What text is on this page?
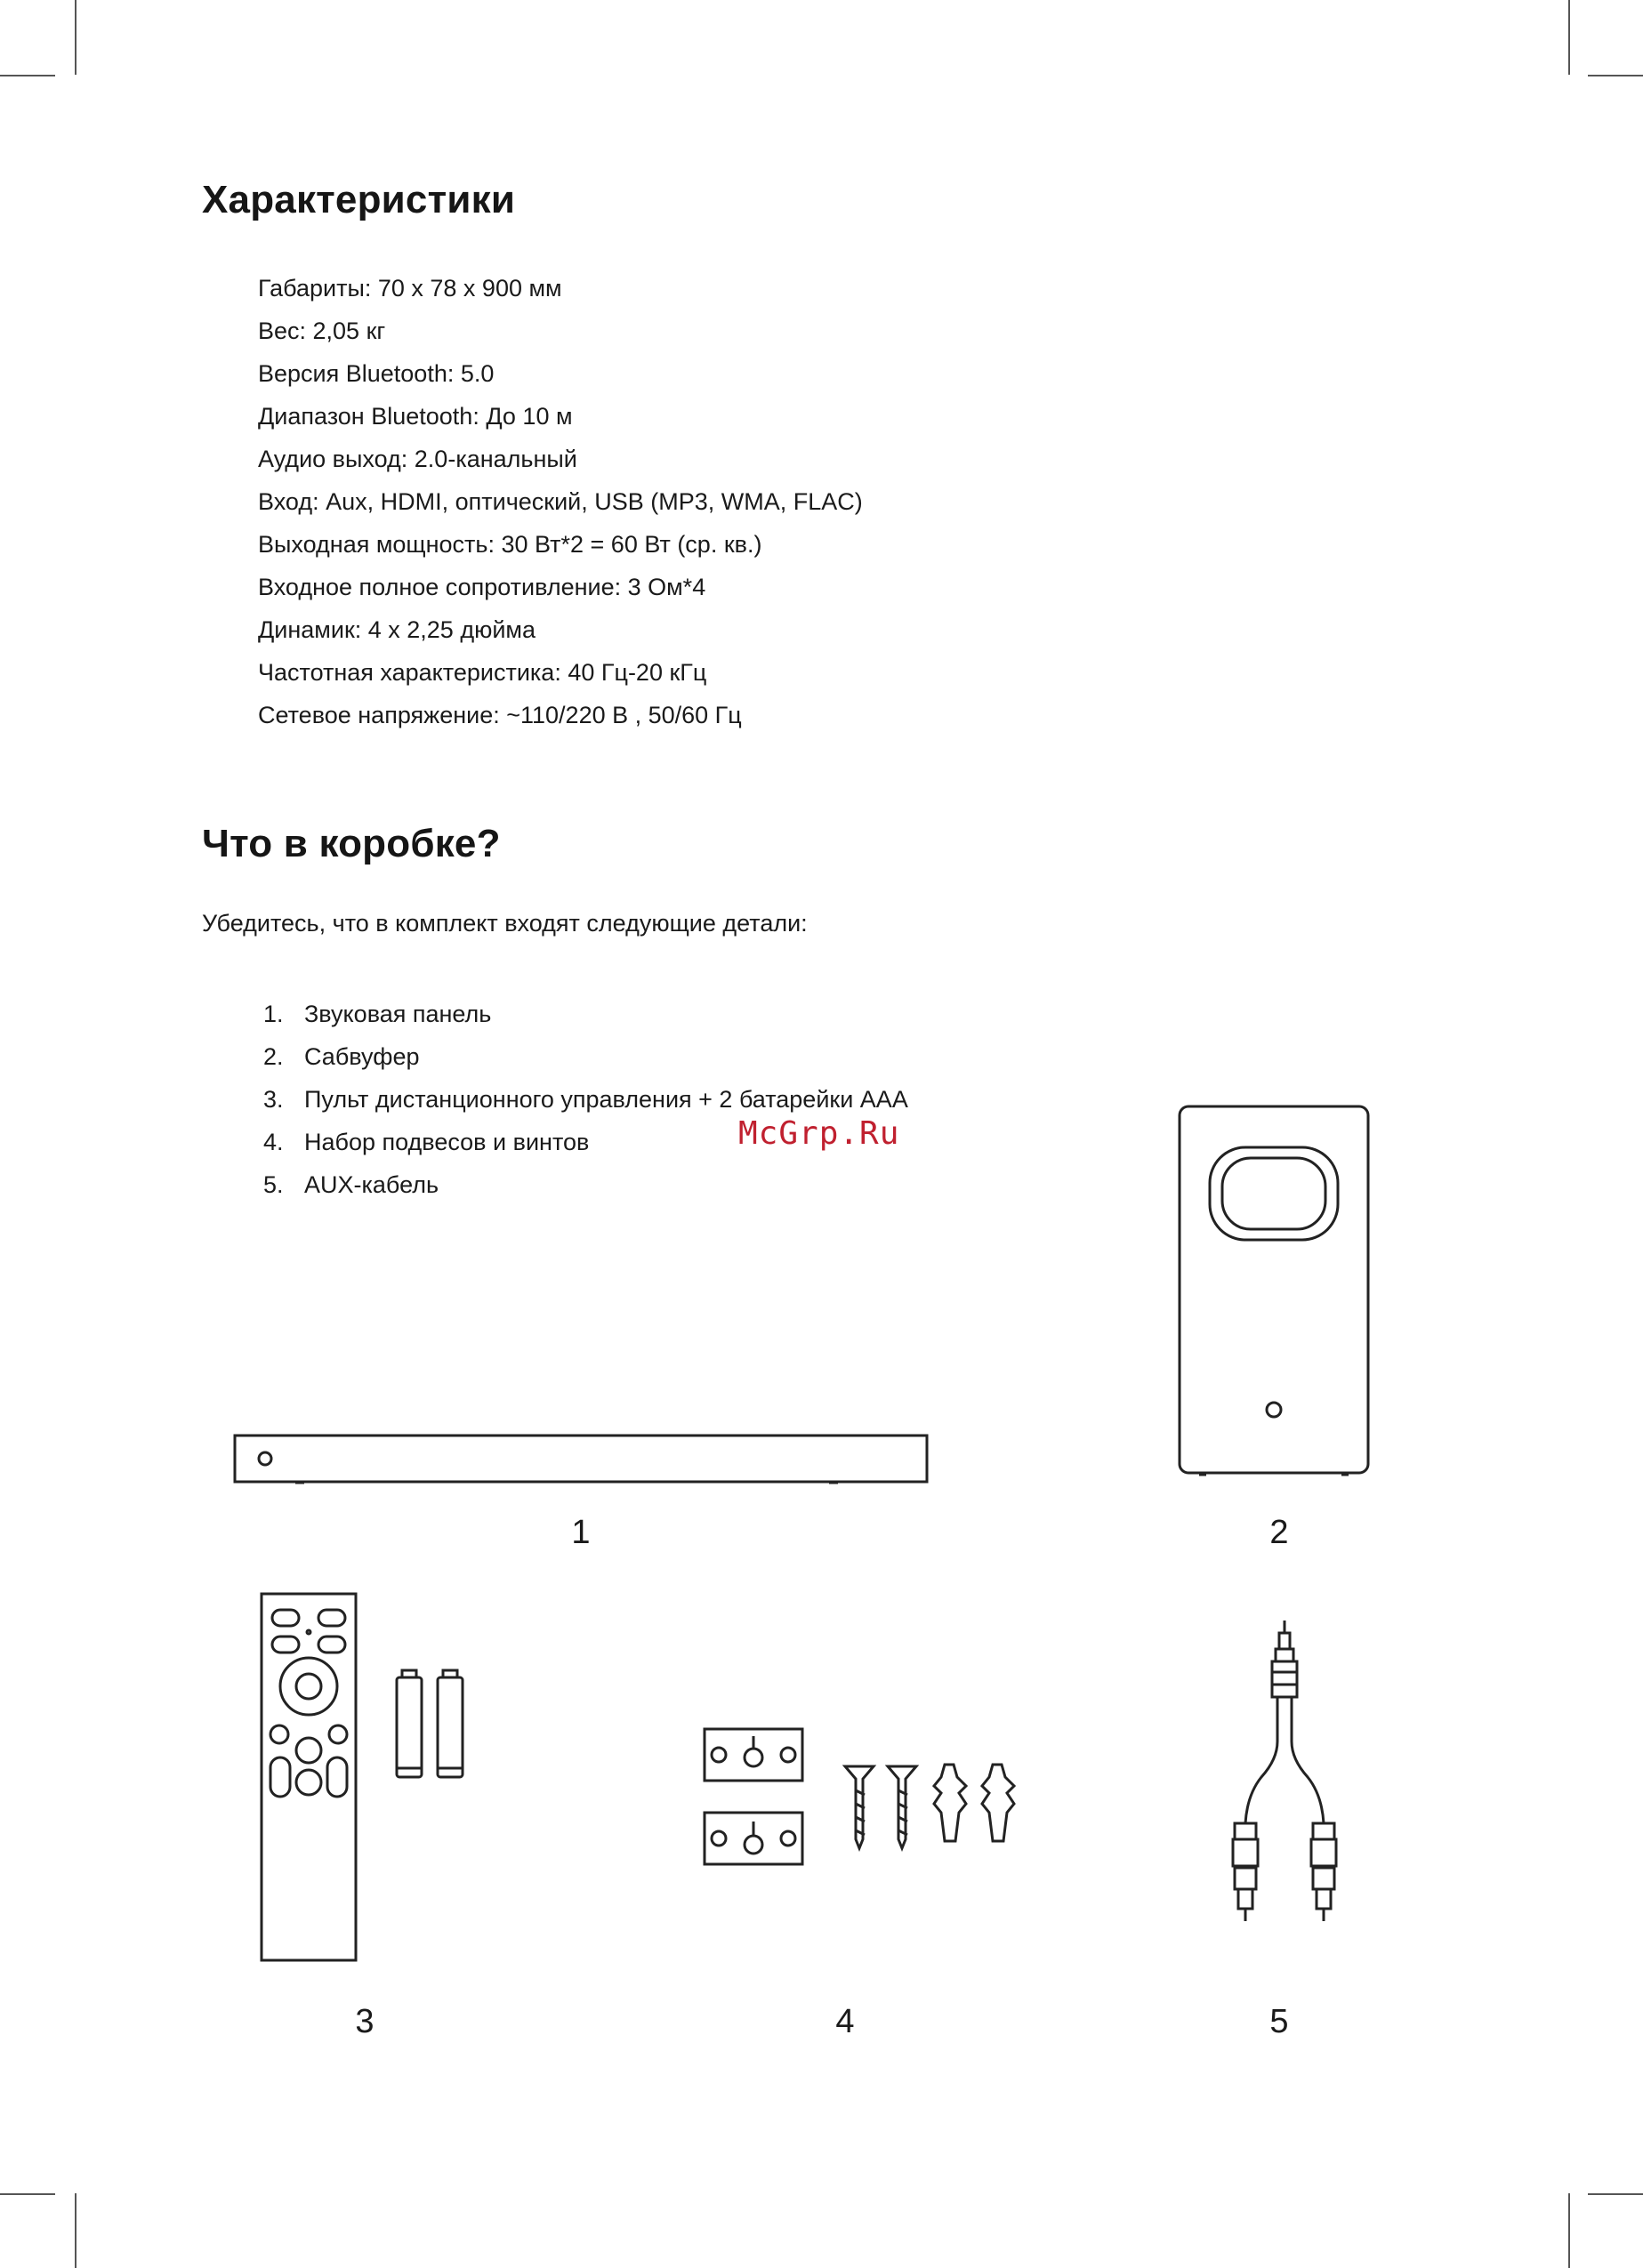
Характеристики
Габариты: 70 x 78 x 900 мм
Вес: 2,05 кг
Версия Bluetooth: 5.0
Диапазон Bluetooth: До 10 м
Аудио выход: 2.0-канальный
Вход: Aux, HDMI, оптический, USB (MP3, WMA, FLAC)
Выходная мощность: 30 Вт*2 = 60 Вт (ср. кв.)
Входное полное сопротивление: 3 Ом*4
Динамик: 4 x 2,25 дюйма
Частотная характеристика: 40 Гц-20 кГц
Сетевое напряжение: ~110/220 В , 50/60 Гц
Что в коробке?
Убедитесь, что в комплект входят следующие детали:
1. Звуковая панель
2. Сабвуфер
3. Пульт дистанционного управления + 2 батарейки AAA
4. Набор подвесов и винтов
5. AUX-кабель
McGrp.Ru
1	2
3	4	5
